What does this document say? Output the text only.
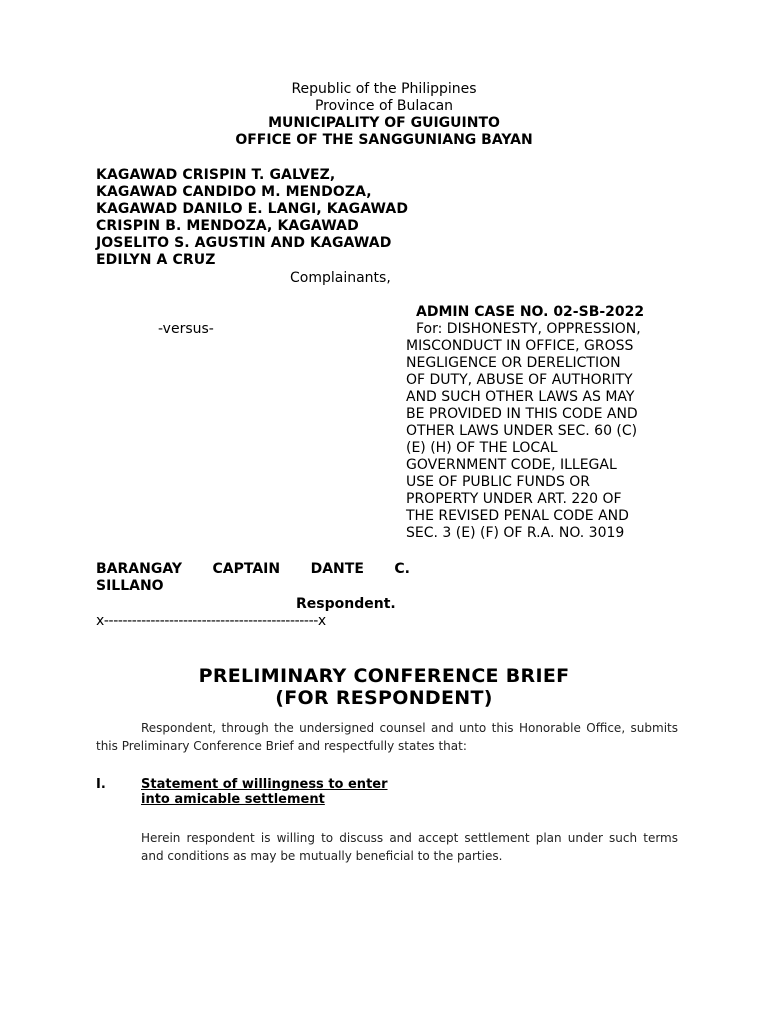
Republic of the Philippines
Province of Bulacan
MUNICIPALITY OF GUIGUINTO
OFFICE OF THE SANGGUNIANG BAYAN
KAGAWAD CRISPIN T. GALVEZ,
KAGAWAD CANDIDO M. MENDOZA,
KAGAWAD DANILO E. LANGI, KAGAWAD
CRISPIN B. MENDOZA, KAGAWAD
JOSELITO S. AGUSTIN AND KAGAWAD
EDILYN A CRUZ
Complainants,
ADMIN CASE NO. 02-SB-2022
-versus-	For: DISHONESTY, OPPRESSION,
MISCONDUCT IN OFFICE, GROSS
NEGLIGENCE OR DERELICTION
OF DUTY, ABUSE OF AUTHORITY
AND SUCH OTHER LAWS AS MAY
BE PROVIDED IN THIS CODE AND
OTHER LAWS UNDER SEC. 60 (C)
(E) (H) OF THE LOCAL
GOVERNMENT CODE, ILLEGAL
USE OF PUBLIC FUNDS OR
PROPERTY UNDER ART. 220 OF
THE REVISED PENAL CODE AND
SEC. 3 (E) (F) OF R.A. NO. 3019
BARANGAY CAPTAIN DANTE C.
SILLANO
Respondent.
x----------------------------------------------x
PRELIMINARY CONFERENCE BRIEF
(FOR RESPONDENT)
Respondent, through the undersigned counsel and unto this Honorable Office, submits
this Preliminary Conference Brief and respectfully states that:
I.	Statement of willingness to enter
into amicable settlement
Herein respondent is willing to discuss and accept settlement plan under such terms
and conditions as may be mutually beneficial to the parties.
